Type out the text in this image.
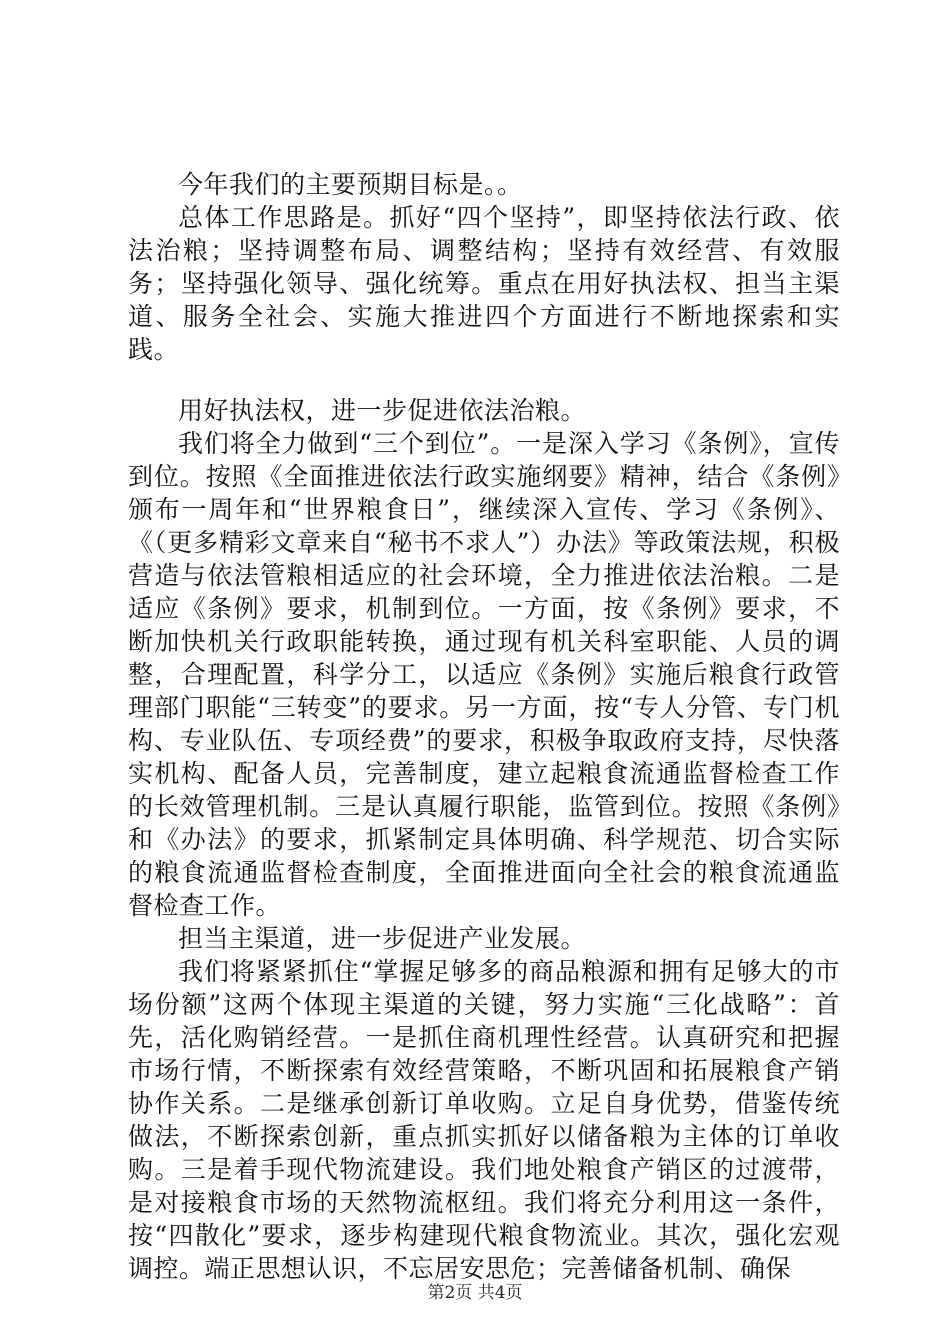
今年我们的主要预期目标是。。

总体工作思路是。抓好“四个坚持”，即坚持依法行政、依法治粮；坚持调整布局、调整结构；坚持有效经营、有效服务；坚持强化领导、强化统筹。重点在用好执法权、担当主渠道、服务全社会、实施大推进四个方面进行不断地探索和实践。

用好执法权，进一步促进依法治粮。

我们将全力做到“三个到位”。一是深入学习《条例》，宣传到位。按照《全面推进依法行政实施纲要》精神，结合《条例》颁布一周年和“世界粮食日”，继续深入宣传、学习《条例》、《（更多精彩文章来自“秘书不求人”）办法》等政策法规，积极营造与依法管粮相适应的社会环境，全力推进依法治粮。二是适应《条例》要求，机制到位。一方面，按《条例》要求，不断加快机关行政职能转换，通过现有机关科室职能、人员的调整，合理配置，科学分工，以适应《条例》实施后粮食行政管理部门职能“三转变”的要求。另一方面，按“专人分管、专门机构、专业队伍、专项经费”的要求，积极争取政府支持，尽快落实机构、配备人员，完善制度，建立起粮食流通监督检查工作的长效管理机制。三是认真履行职能，监管到位。按照《条例》和《办法》的要求，抓紧制定具体明确、科学规范、切合实际的粮食流通监督检查制度，全面推进面向全社会的粮食流通监督检查工作。

担当主渠道，进一步促进产业发展。

我们将紧紧抓住“掌握足够多的商品粮源和拥有足够大的市场份额”这两个体现主渠道的关键，努力实施“三化战略”：首先，活化购销经营。一是抓住商机理性经营。认真研究和把握市场行情，不断探索有效经营策略，不断巩固和拓展粮食产销协作关系。二是继承创新订单收购。立足自身优势，借鉴传统做法，不断探索创新，重点抓实抓好以储备粮为主体的订单收购。三是着手现代物流建设。我们地处粮食产销区的过渡带，是对接粮食市场的天然物流枢纽。我们将充分利用这一条件，按“四散化”要求，逐步构建现代粮食物流业。其次，强化宏观调控。端正思想认识，不忘居安思危；完善储备机制、确保

第2页 共4页
